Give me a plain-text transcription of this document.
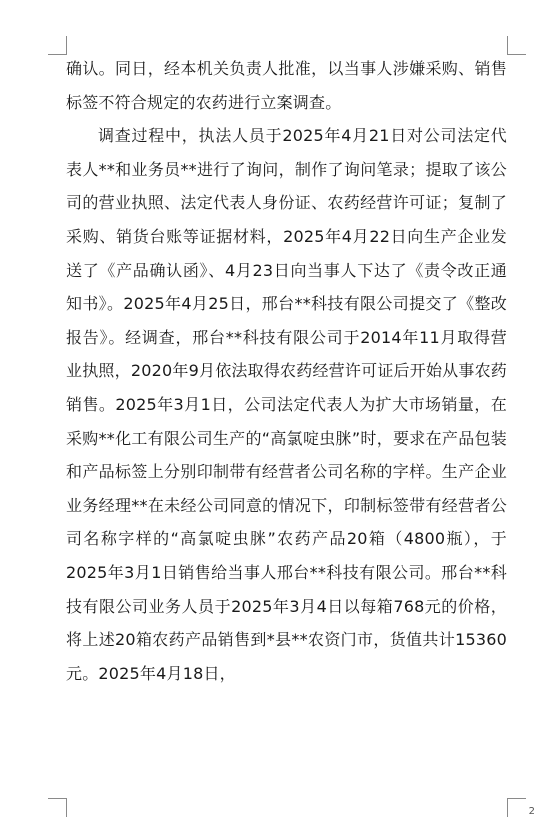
确认。同日，经本机关负责人批准，以当事人涉嫌采购、销售标签不符合规定的农药进行立案调查。

调查过程中，执法人员于2025年4月21日对公司法定代表人**和业务员**进行了询问，制作了询问笔录；提取了该公司的营业执照、法定代表人身份证、农药经营许可证；复制了采购、销货台账等证据材料，2025年4月22日向生产企业发送了《产品确认函》、4月23日向当事人下达了《责令改正通知书》。2025年4月25日，邢台**科技有限公司提交了《整改报告》。经调查，邢台**科技有限公司于2014年11月取得营业执照，2020年9月依法取得农药经营许可证后开始从事农药销售。2025年3月1日，公司法定代表人为扩大市场销量，在采购**化工有限公司生产的“高氯啶虫脒”时，要求在产品包装和产品标签上分别印制带有经营者公司名称的字样。生产企业业务经理**在未经公司同意的情况下，印制标签带有经营者公司名称字样的“高氯啶虫脒”农药产品20箱（4800瓶），于2025年3月1日销售给当事人邢台**科技有限公司。邢台**科技有限公司业务人员于2025年3月4日以每箱768元的价格，将上述20箱农药产品销售到*县**农资门市，货值共计15360元。2025年4月18日，

2
